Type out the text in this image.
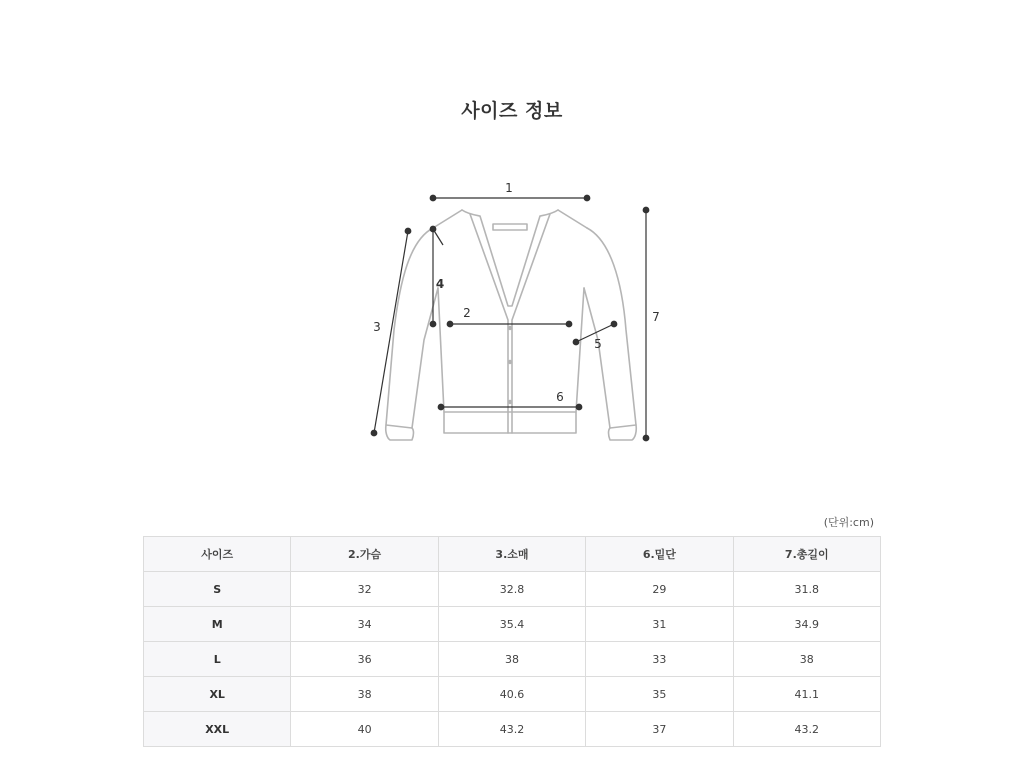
사이즈 정보
1
2
3
4
5
6
7
(단위:cm)
사이즈	2.가슴	3.소매	6.밑단	7.총길이
S	32	32.8	29	31.8
M	34	35.4	31	34.9
L	36	38	33	38
XL	38	40.6	35	41.1
XXL	40	43.2	37	43.2
